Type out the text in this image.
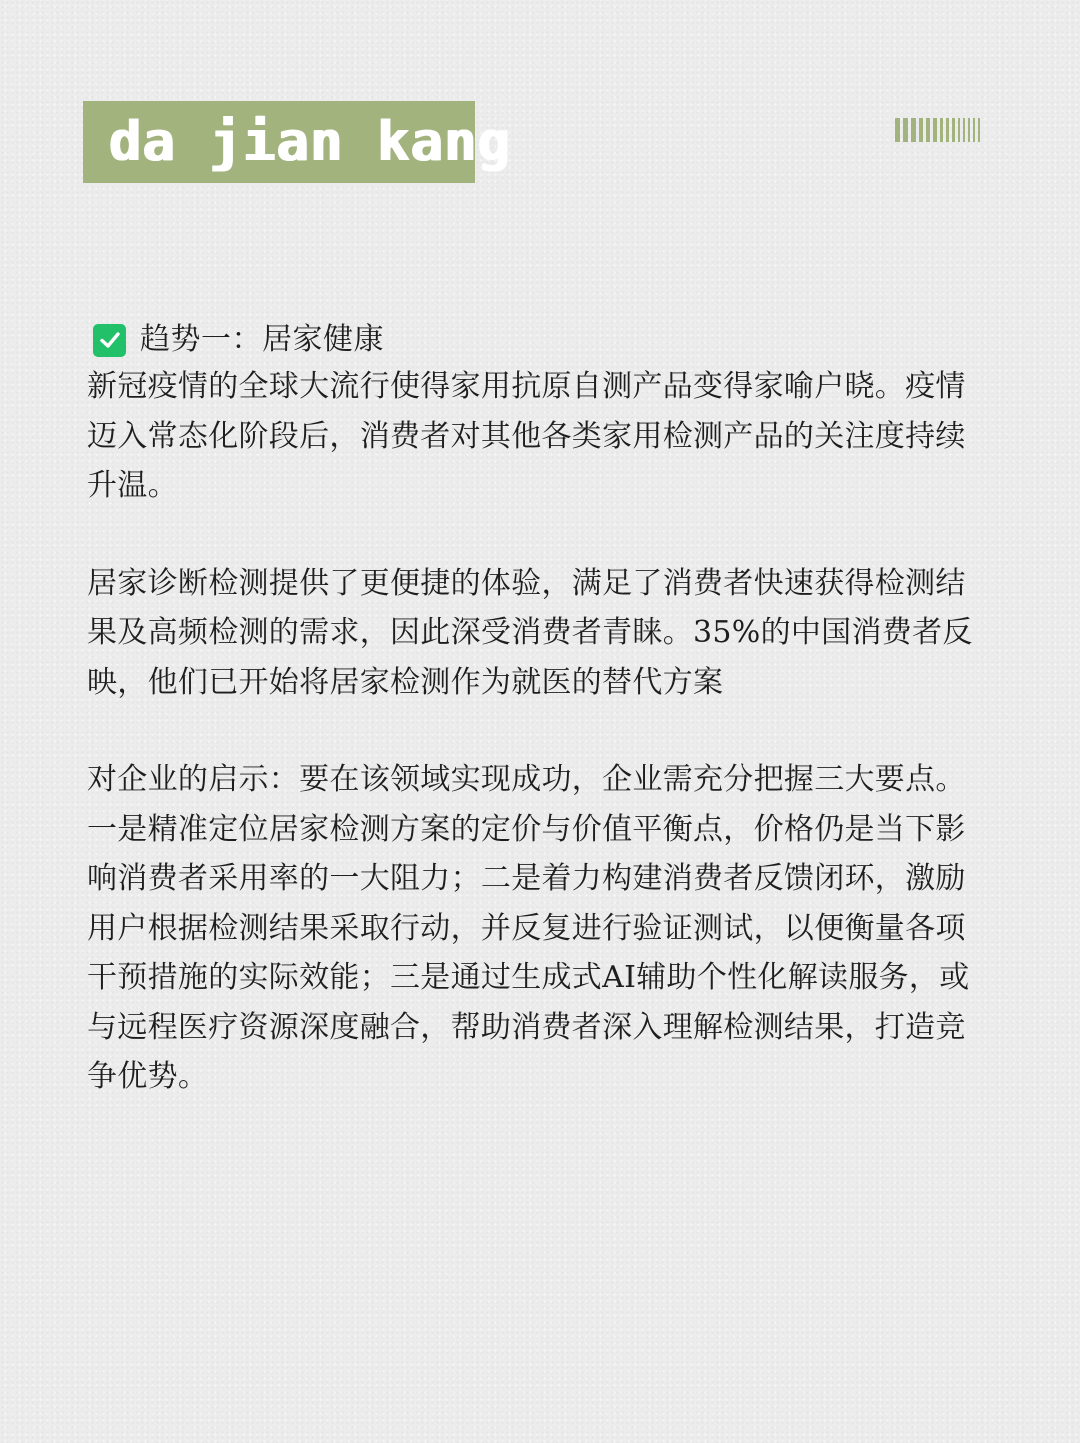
da jian kang
趋势一：居家健康

新冠疫情的全球大流行使得家用抗原自测产品变得家喻户晓。疫情迈入常态化阶段后，消费者对其他各类家用检测产品的关注度持续升温。

居家诊断检测提供了更便捷的体验，满足了消费者快速获得检测结果及高频检测的需求，因此深受消费者青睐。35%的中国消费者反映，他们已开始将居家检测作为就医的替代方案

对企业的启示：要在该领域实现成功，企业需充分把握三大要点。一是精准定位居家检测方案的定价与价值平衡点，价格仍是当下影响消费者采用率的一大阻力；二是着力构建消费者反馈闭环，激励用户根据检测结果采取行动，并反复进行验证测试，以便衡量各项干预措施的实际效能；三是通过生成式AI辅助个性化解读服务，或与远程医疗资源深度融合，帮助消费者深入理解检测结果，打造竞争优势。
